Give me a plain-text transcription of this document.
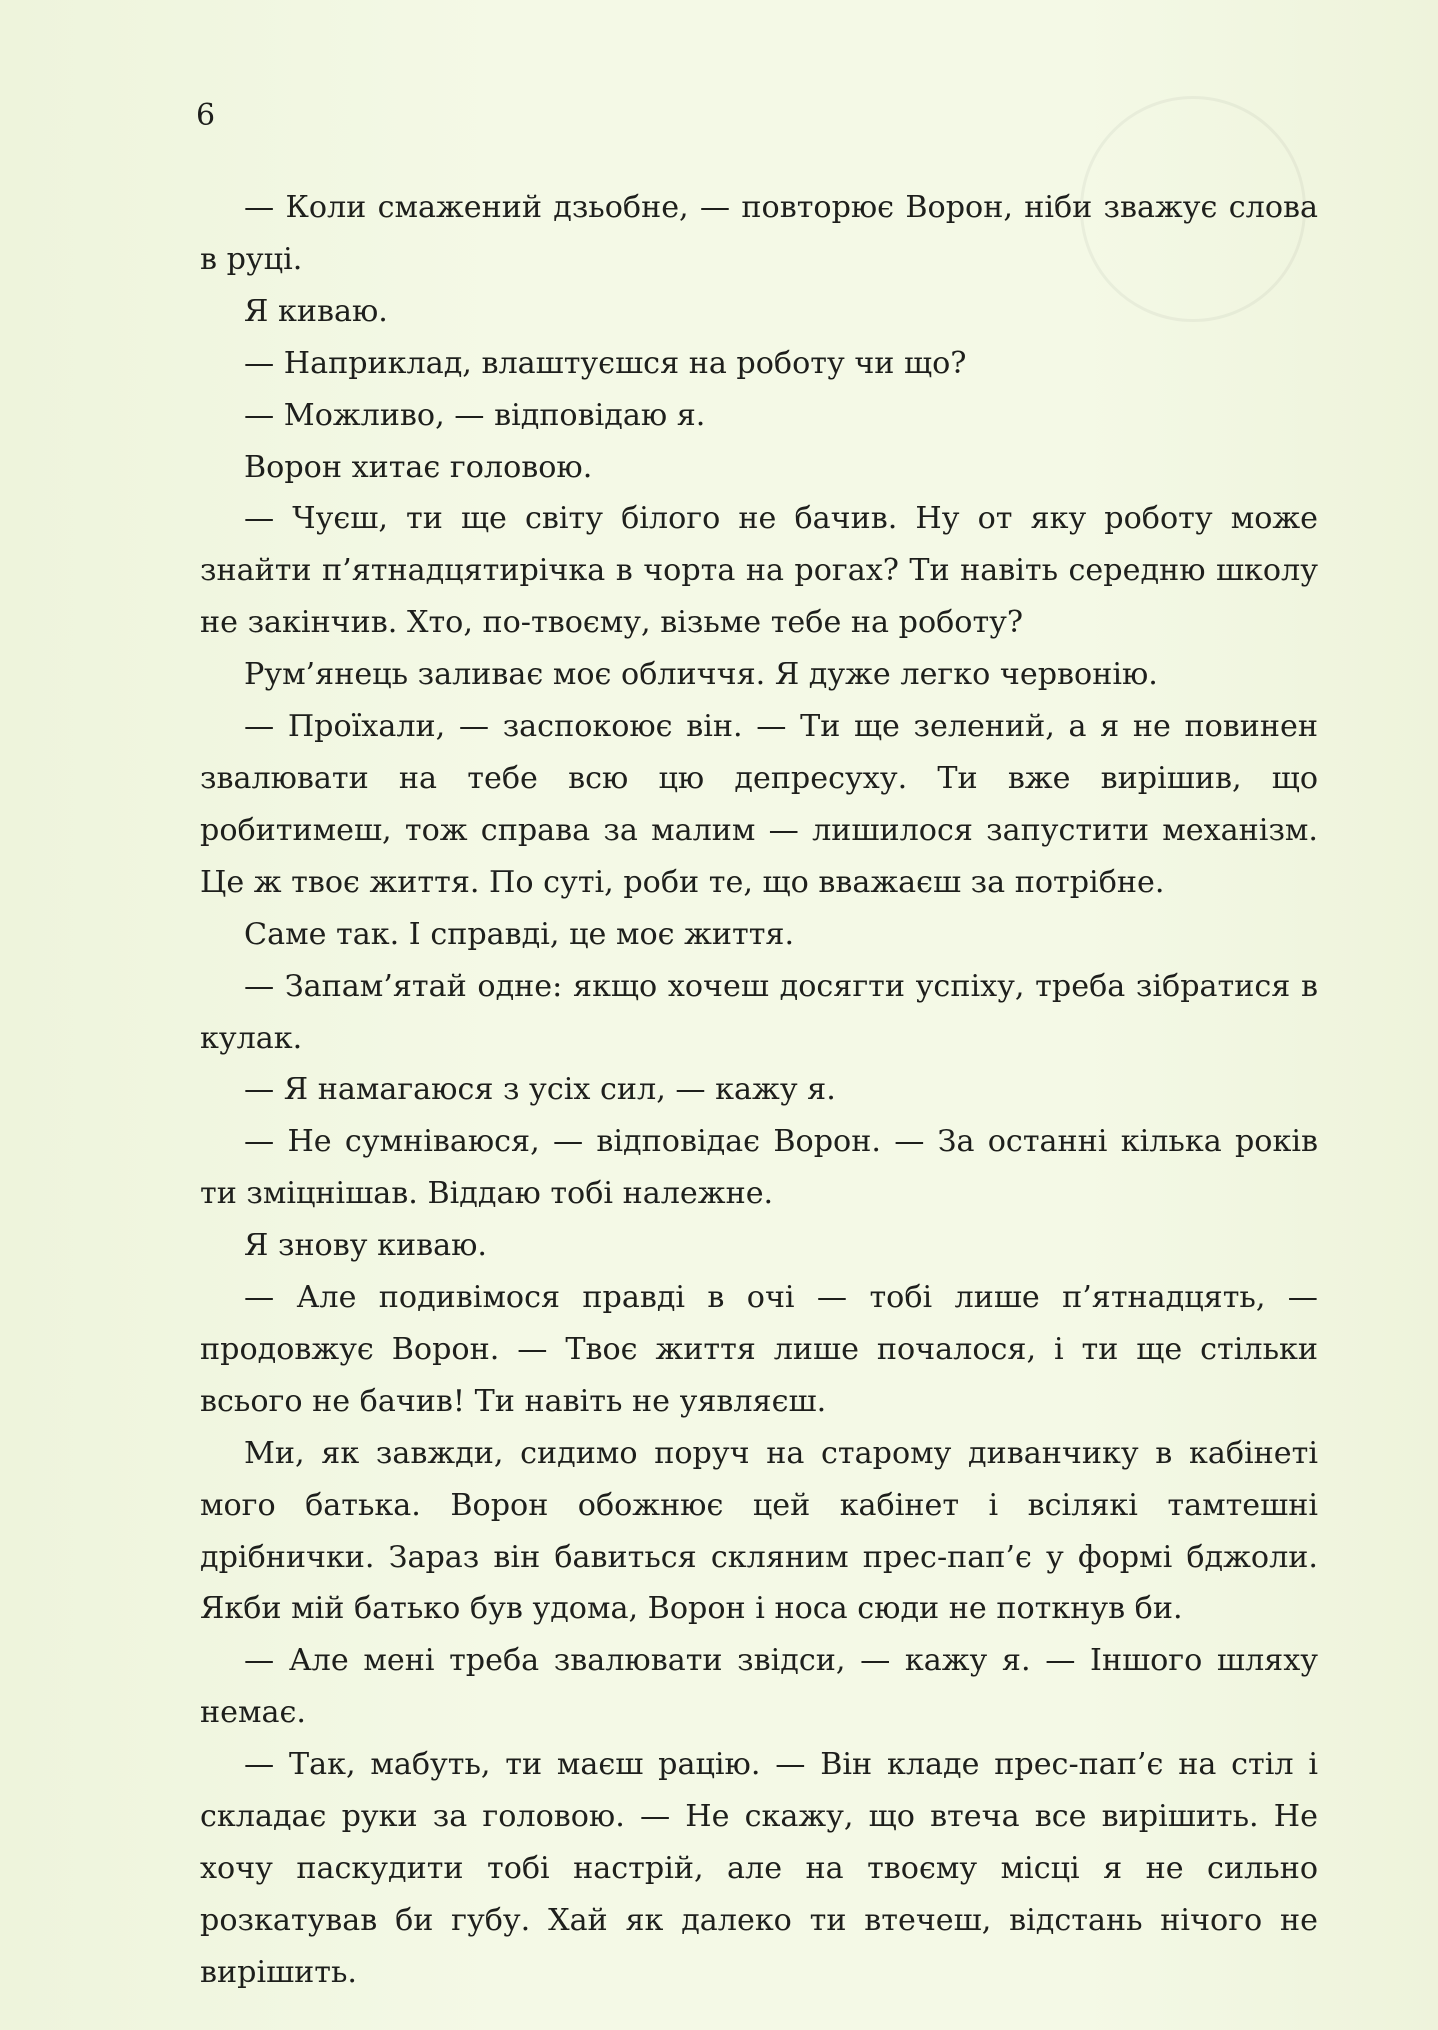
6

— Коли смажений дзьобне, — повторює Ворон, ніби зважує слова в руці.

Я киваю.

— Наприклад, влаштуєшся на роботу чи що?

— Можливо, — відповідаю я.

Ворон хитає головою.

— Чуєш, ти ще світу білого не бачив. Ну от яку роботу може знайти п’ятнадцятирічка в чорта на рогах? Ти навіть середню школу не закінчив. Хто, по-твоєму, візьме тебе на роботу?

Рум’янець заливає моє обличчя. Я дуже легко червонію.

— Проїхали, — заспокоює він. — Ти ще зелений, а я не повинен звалювати на тебе всю цю депресуху. Ти вже вирішив, що робитимеш, тож справа за малим — лишилося запустити механізм. Це ж твоє життя. По суті, роби те, що вважаєш за потрібне.

Саме так. І справді, це моє життя.

— Запам’ятай одне: якщо хочеш досягти успіху, треба зібратися в кулак.

— Я намагаюся з усіх сил, — кажу я.

— Не сумніваюся, — відповідає Ворон. — За останні кілька років ти зміцнішав. Віддаю тобі належне.

Я знову киваю.

— Але подивімося правді в очі — тобі лише п’ятнадцять, — продовжує Ворон. — Твоє життя лише почалося, і ти ще стільки всього не бачив! Ти навіть не уявляєш.

Ми, як завжди, сидимо поруч на старому диванчику в кабінеті мого батька. Ворон обожнює цей кабінет і всілякі тамтешні дрібнички. Зараз він бавиться скляним прес-пап’є у формі бджоли. Якби мій батько був удома, Ворон і носа сюди не поткнув би.

— Але мені треба звалювати звідси, — кажу я. — Іншого шляху немає.

— Так, мабуть, ти маєш рацію. — Він кладе прес-пап’є на стіл і складає руки за головою. — Не скажу, що втеча все вирішить. Не хочу паскудити тобі настрій, але на твоєму місці я не сильно розкатував би губу. Хай як далеко ти втечеш, відстань нічого не вирішить.
